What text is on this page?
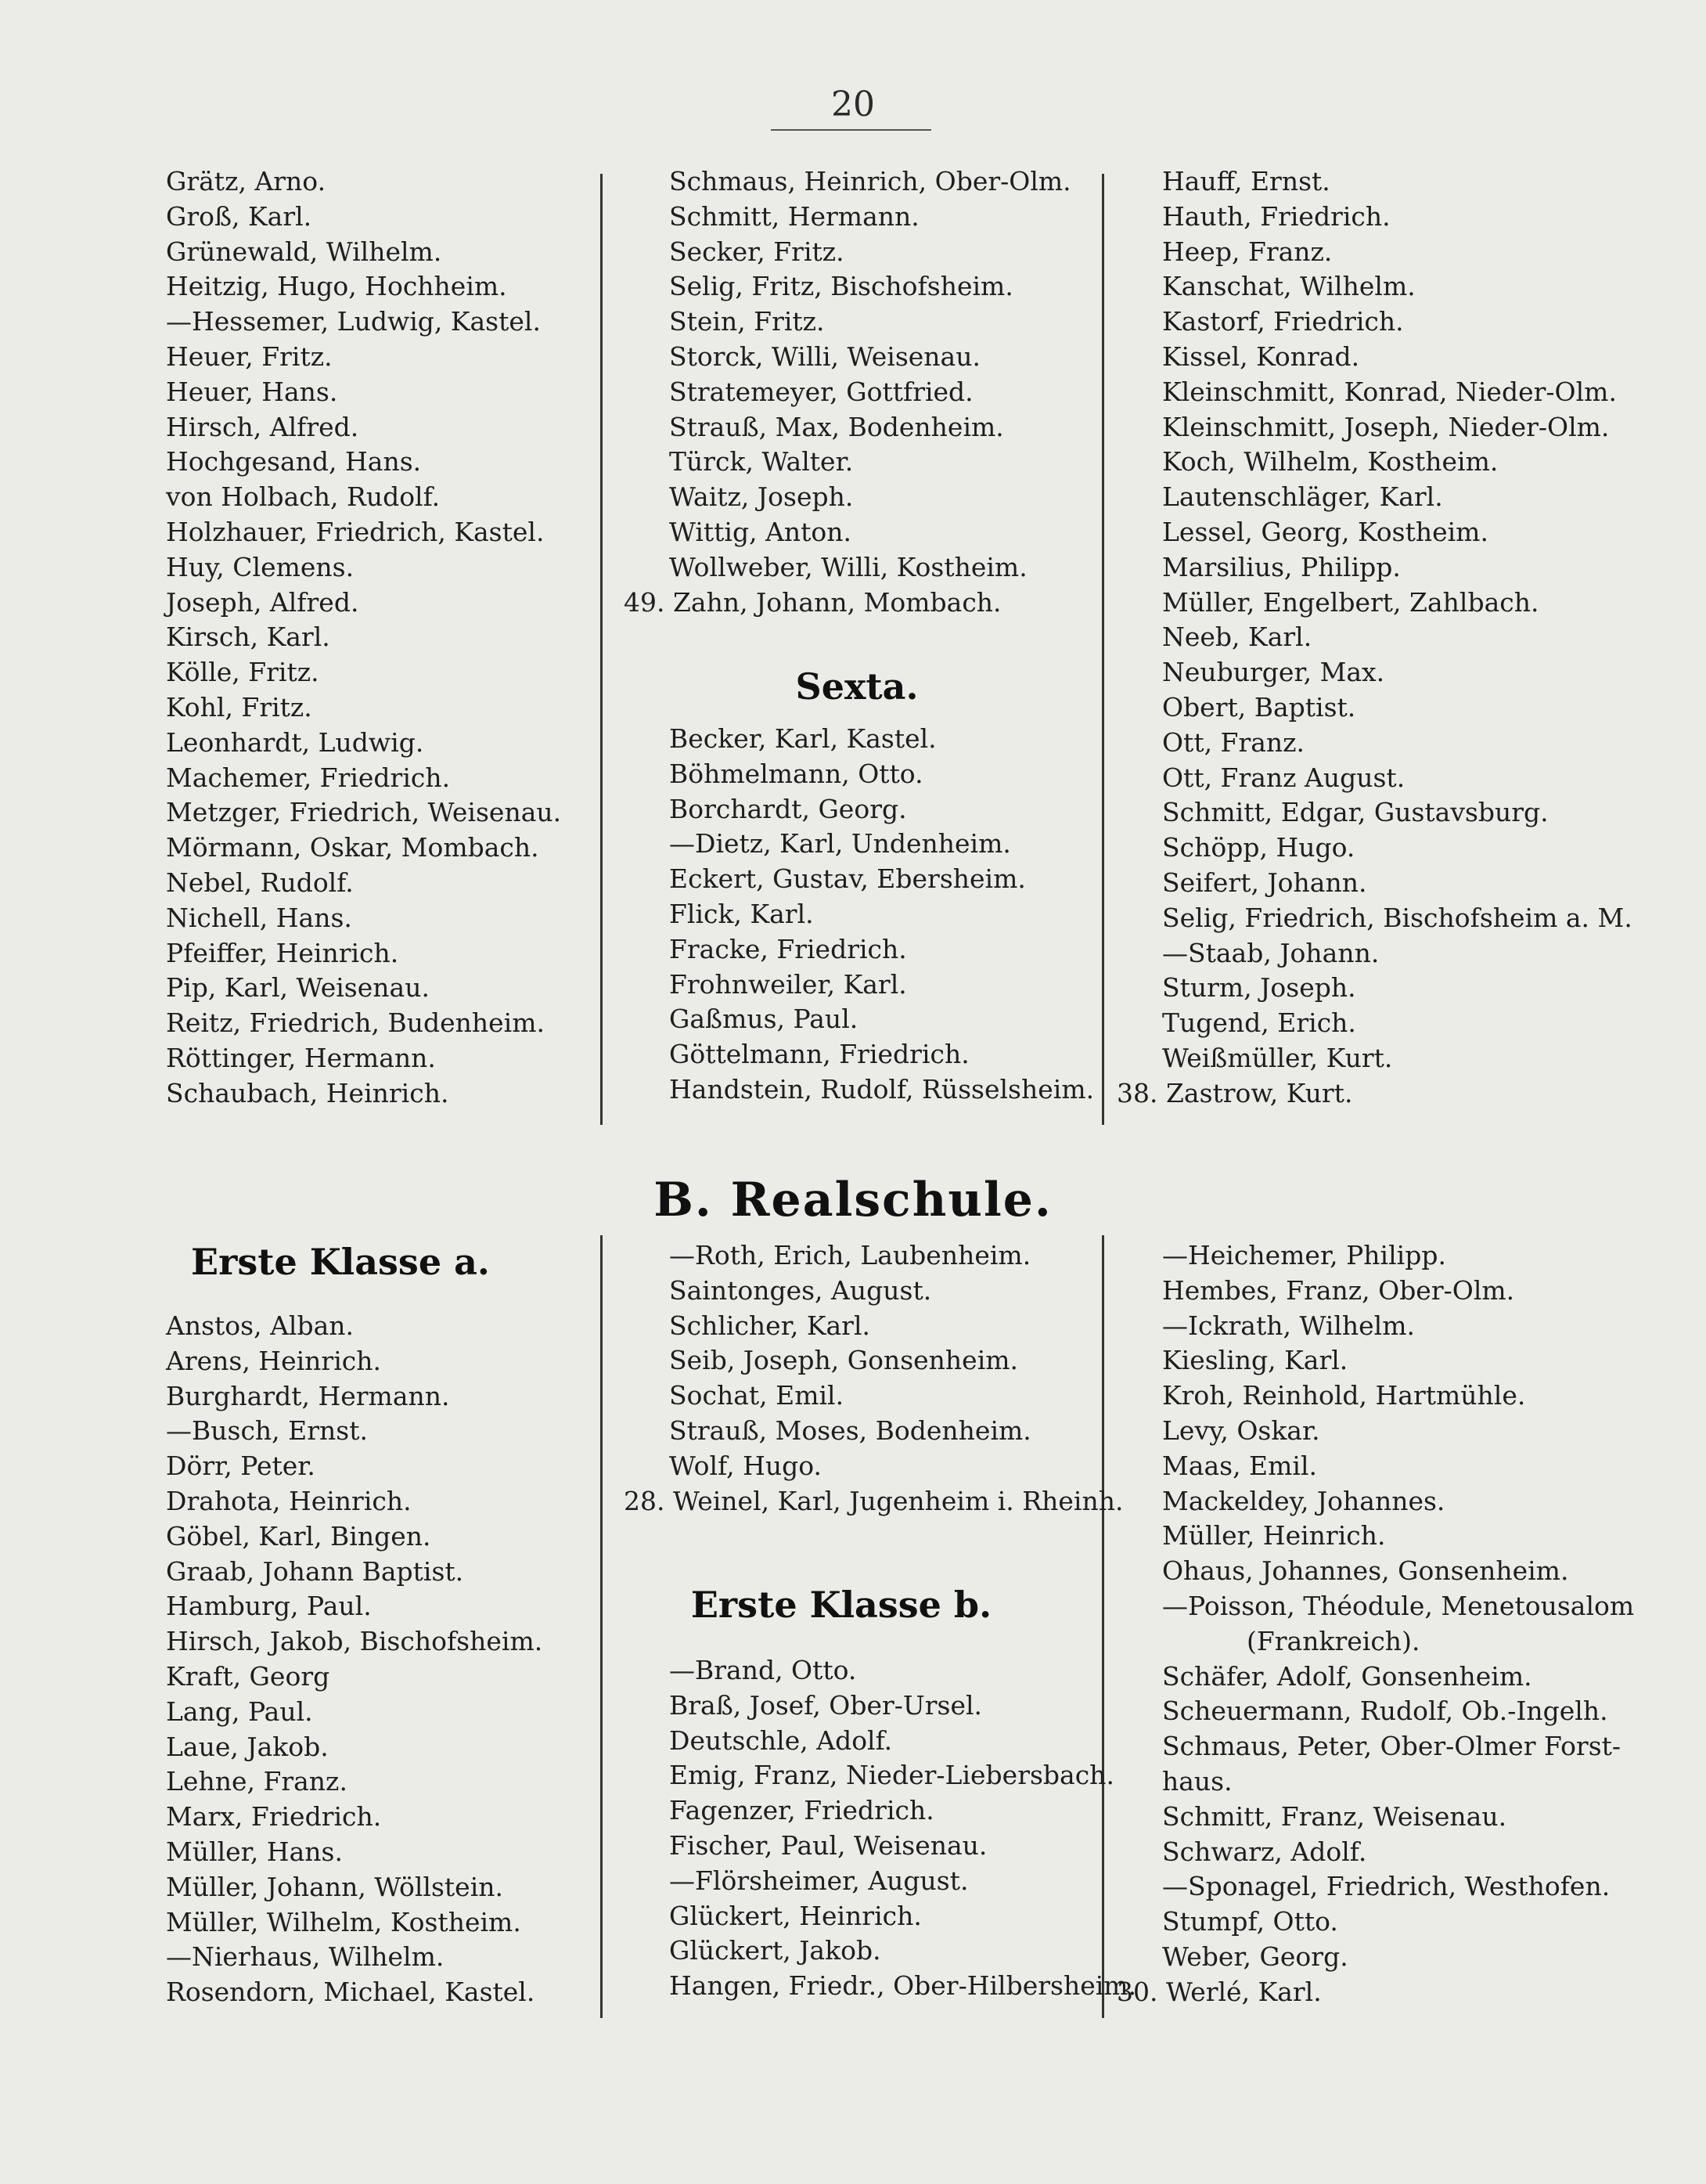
20
Grätz, Arno.
Groß, Karl.
Grünewald, Wilhelm.
Heitzig, Hugo, Hochheim.
—Hessemer, Ludwig, Kastel.
Heuer, Fritz.
Heuer, Hans.
Hirsch, Alfred.
Hochgesand, Hans.
von Holbach, Rudolf.
Holzhauer, Friedrich, Kastel.
Huy, Clemens.
Joseph, Alfred.
Kirsch, Karl.
Kölle, Fritz.
Kohl, Fritz.
Leonhardt, Ludwig.
Machemer, Friedrich.
Metzger, Friedrich, Weisenau.
Mörmann, Oskar, Mombach.
Nebel, Rudolf.
Nichell, Hans.
Pfeiffer, Heinrich.
Pip, Karl, Weisenau.
Reitz, Friedrich, Budenheim.
Röttinger, Hermann.
Schaubach, Heinrich.
Schmaus, Heinrich, Ober-Olm.
Schmitt, Hermann.
Secker, Fritz.
Selig, Fritz, Bischofsheim.
Stein, Fritz.
Storck, Willi, Weisenau.
Stratemeyer, Gottfried.
Strauß, Max, Bodenheim.
Türck, Walter.
Waitz, Joseph.
Wittig, Anton.
Wollweber, Willi, Kostheim.
49. Zahn, Johann, Mombach.
Sexta.
Becker, Karl, Kastel.
Böhmelmann, Otto.
Borchardt, Georg.
—Dietz, Karl, Undenheim.
Eckert, Gustav, Ebersheim.
Flick, Karl.
Fracke, Friedrich.
Frohnweiler, Karl.
Gaßmus, Paul.
Göttelmann, Friedrich.
Handstein, Rudolf, Rüsselsheim.
Hauff, Ernst.
Hauth, Friedrich.
Heep, Franz.
Kanschat, Wilhelm.
Kastorf, Friedrich.
Kissel, Konrad.
Kleinschmitt, Konrad, Nieder-Olm.
Kleinschmitt, Joseph, Nieder-Olm.
Koch, Wilhelm, Kostheim.
Lautenschläger, Karl.
Lessel, Georg, Kostheim.
Marsilius, Philipp.
Müller, Engelbert, Zahlbach.
Neeb, Karl.
Neuburger, Max.
Obert, Baptist.
Ott, Franz.
Ott, Franz August.
Schmitt, Edgar, Gustavsburg.
Schöpp, Hugo.
Seifert, Johann.
Selig, Friedrich, Bischofsheim a. M.
—Staab, Johann.
Sturm, Joseph.
Tugend, Erich.
Weißmüller, Kurt.
38. Zastrow, Kurt.
B. Realschule.
Erste Klasse a.
Anstos, Alban.
Arens, Heinrich.
Burghardt, Hermann.
—Busch, Ernst.
Dörr, Peter.
Drahota, Heinrich.
Göbel, Karl, Bingen.
Graab, Johann Baptist.
Hamburg, Paul.
Hirsch, Jakob, Bischofsheim.
Kraft, Georg
Lang, Paul.
Laue, Jakob.
Lehne, Franz.
Marx, Friedrich.
Müller, Hans.
Müller, Johann, Wöllstein.
Müller, Wilhelm, Kostheim.
—Nierhaus, Wilhelm.
Rosendorn, Michael, Kastel.
—Roth, Erich, Laubenheim.
Saintonges, August.
Schlicher, Karl.
Seib, Joseph, Gonsenheim.
Sochat, Emil.
Strauß, Moses, Bodenheim.
Wolf, Hugo.
28. Weinel, Karl, Jugenheim i. Rheinh.
Erste Klasse b.
—Brand, Otto.
Braß, Josef, Ober-Ursel.
Deutschle, Adolf.
Emig, Franz, Nieder-Liebersbach.
Fagenzer, Friedrich.
Fischer, Paul, Weisenau.
—Flörsheimer, August.
Glückert, Heinrich.
Glückert, Jakob.
Hangen, Friedr., Ober-Hilbersheim.
—Heichemer, Philipp.
Hembes, Franz, Ober-Olm.
—Ickrath, Wilhelm.
Kiesling, Karl.
Kroh, Reinhold, Hartmühle.
Levy, Oskar.
Maas, Emil.
Mackeldey, Johannes.
Müller, Heinrich.
Ohaus, Johannes, Gonsenheim.
—Poisson, Théodule, Menetousalom
(Frankreich).
Schäfer, Adolf, Gonsenheim.
Scheuermann, Rudolf, Ob.-Ingelh.
Schmaus, Peter, Ober-Olmer Forst-
haus.
Schmitt, Franz, Weisenau.
Schwarz, Adolf.
—Sponagel, Friedrich, Westhofen.
Stumpf, Otto.
Weber, Georg.
30. Werlé, Karl.
